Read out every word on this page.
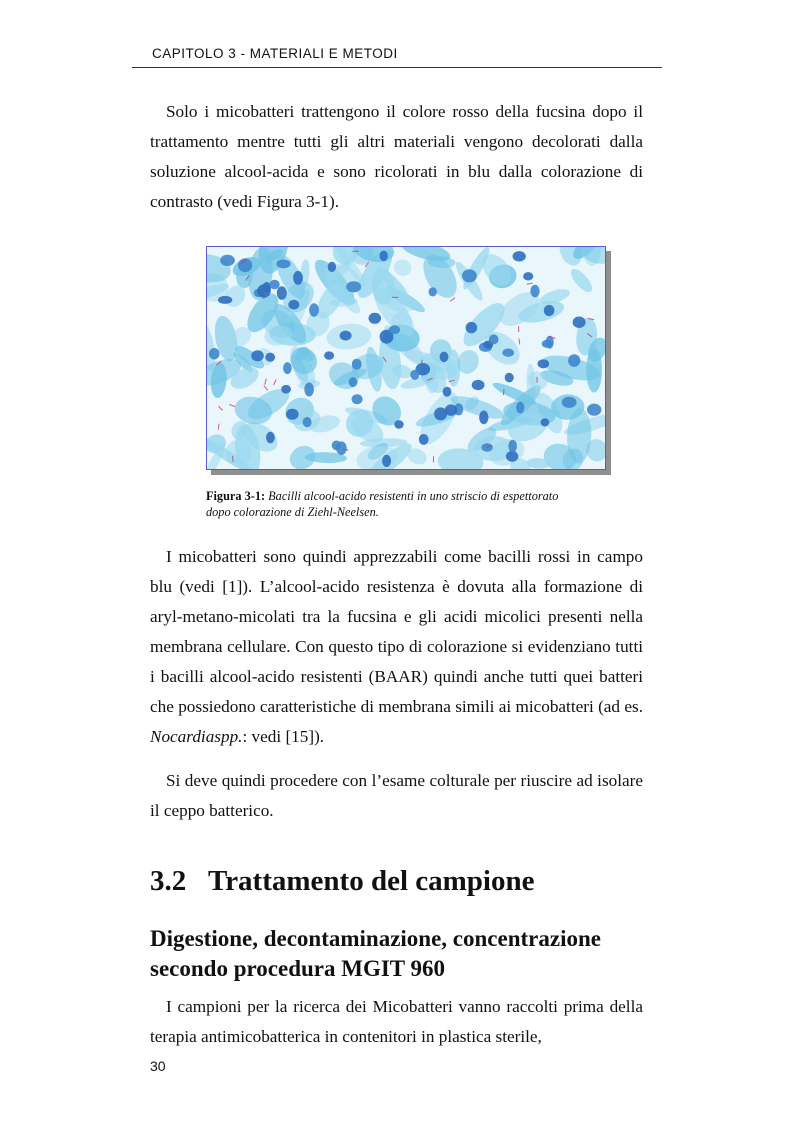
CAPITOLO 3 - MATERIALI E METODI

Solo i micobatteri trattengono il colore rosso della fucsina dopo il trattamento mentre tutti gli altri materiali vengono decolorati dalla soluzione alcool-acida e sono ricolorati in blu dalla colorazione di contrasto (vedi Figura 3-1).

Figura 3-1: Bacilli alcool-acido resistenti in uno striscio di espettorato
dopo colorazione di Ziehl-Neelsen.

I micobatteri sono quindi apprezzabili come bacilli rossi in campo blu (vedi [1]). L’alcool-acido resistenza è dovuta alla formazione di aryl-metano-micolati tra la fucsina e gli acidi micolici presenti nella membrana cellulare. Con questo tipo di colorazione si evidenziano tutti i bacilli alcool-acido resistenti (BAAR) quindi anche tutti quei batteri che possiedono caratteristiche di membrana simili ai micobatteri (ad es. Nocardiaspp.: vedi [15]).

Si deve quindi procedere con l’esame colturale per riuscire ad isolare il ceppo batterico.

3.2 Trattamento del campione
Digestione, decontaminazione, concentrazione secondo procedura MGIT 960

I campioni per la ricerca dei Micobatteri vanno raccolti prima della terapia antimicobatterica in contenitori in plastica sterile,

30
